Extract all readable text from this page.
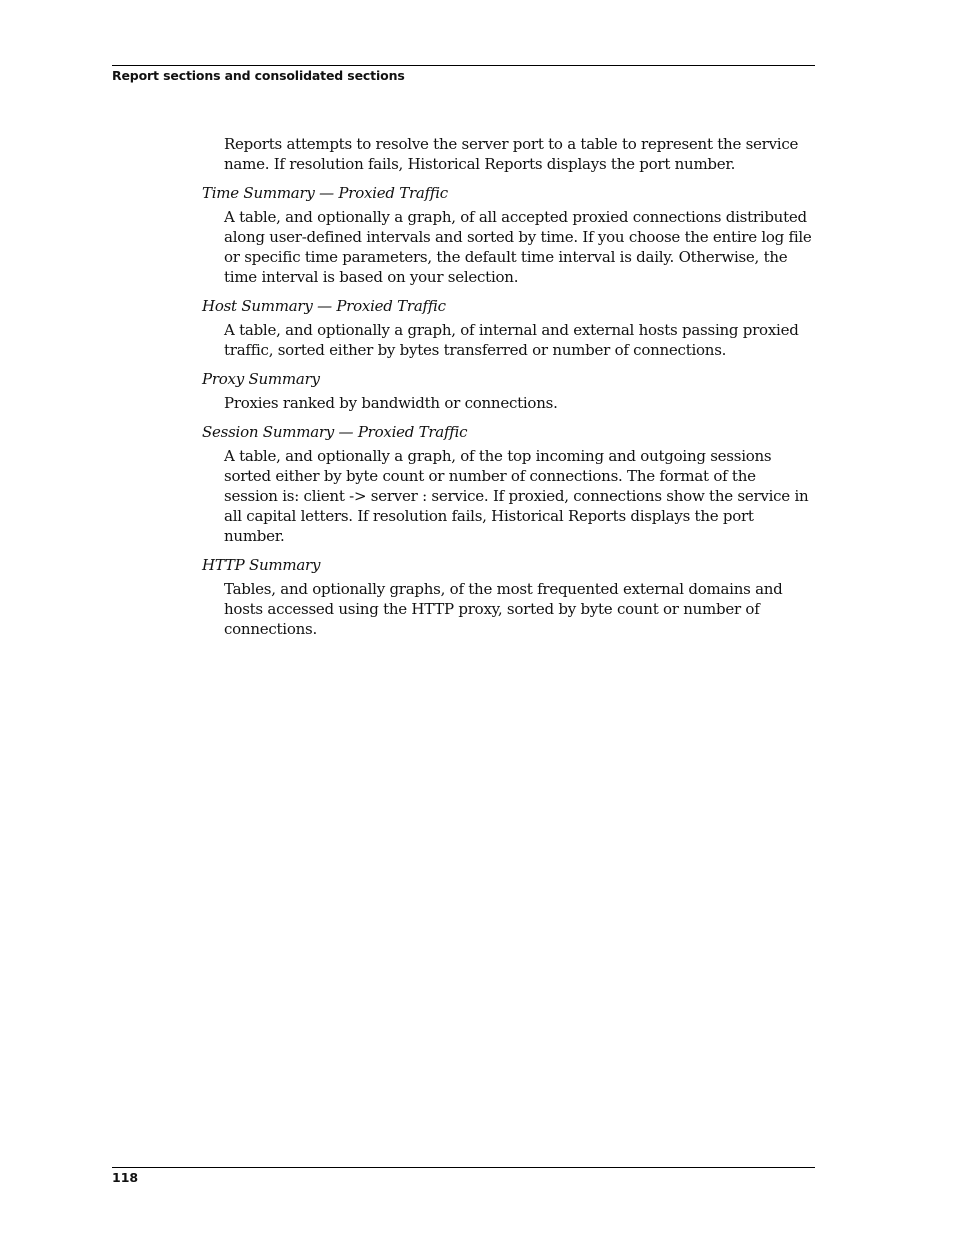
Report sections and consolidated sections

Reports attempts to resolve the server port to a table to represent the service name. If resolution fails, Historical Reports displays the port number.

Time Summary — Proxied Traffic

A table, and optionally a graph, of all accepted proxied connections distributed along user-defined intervals and sorted by time. If you choose the entire log file or specific time parameters, the default time interval is daily. Otherwise, the time interval is based on your selection.

Host Summary — Proxied Traffic

A table, and optionally a graph, of internal and external hosts passing proxied traffic, sorted either by bytes transferred or number of connections.

Proxy Summary

Proxies ranked by bandwidth or connections.

Session Summary — Proxied Traffic

A table, and optionally a graph, of the top incoming and outgoing sessions sorted either by byte count or number of connections. The format of the session is: client -> server : service. If proxied, connections show the service in all capital letters. If resolution fails, Historical Reports displays the port number.

HTTP Summary

Tables, and optionally graphs, of the most frequented external domains and hosts accessed using the HTTP proxy, sorted by byte count or number of connections.

118
